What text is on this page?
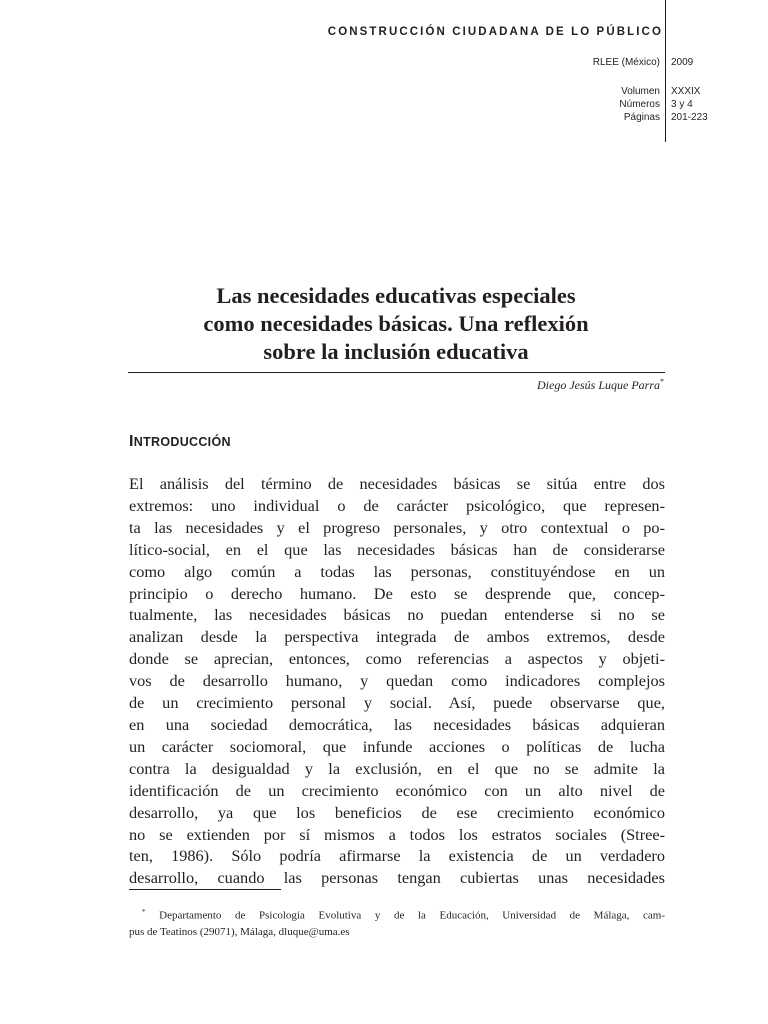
CONSTRUCCIÓN CIUDADANA DE LO PÚBLICO
RLEE (México) 2009
Volumen XXXIX
Números 3 y 4
Páginas 201-223
Las necesidades educativas especiales
como necesidades básicas. Una reflexión
sobre la inclusión educativa
Diego Jesús Luque Parra*
INTRODUCCIÓN

El análisis del término de necesidades básicas se sitúa entre dos
extremos: uno individual o de carácter psicológico, que represen-
ta las necesidades y el progreso personales, y otro contextual o po-
lítico-social, en el que las necesidades básicas han de considerarse
como algo común a todas las personas, constituyéndose en un
principio o derecho humano. De esto se desprende que, concep-
tualmente, las necesidades básicas no puedan entenderse si no se
analizan desde la perspectiva integrada de ambos extremos, desde
donde se aprecian, entonces, como referencias a aspectos y objeti-
vos de desarrollo humano, y quedan como indicadores complejos
de un crecimiento personal y social. Así, puede observarse que,
en una sociedad democrática, las necesidades básicas adquieran
un carácter sociomoral, que infunde acciones o políticas de lucha
contra la desigualdad y la exclusión, en el que no se admite la
identificación de un crecimiento económico con un alto nivel de
desarrollo, ya que los beneficios de ese crecimiento económico
no se extienden por sí mismos a todos los estratos sociales (Stree-
ten, 1986). Sólo podría afirmarse la existencia de un verdadero
desarrollo, cuando las personas tengan cubiertas unas necesidades

* Departamento de Psicología Evolutiva y de la Educación, Universidad de Málaga, cam-
pus de Teatinos (29071), Málaga, dluque@uma.es
